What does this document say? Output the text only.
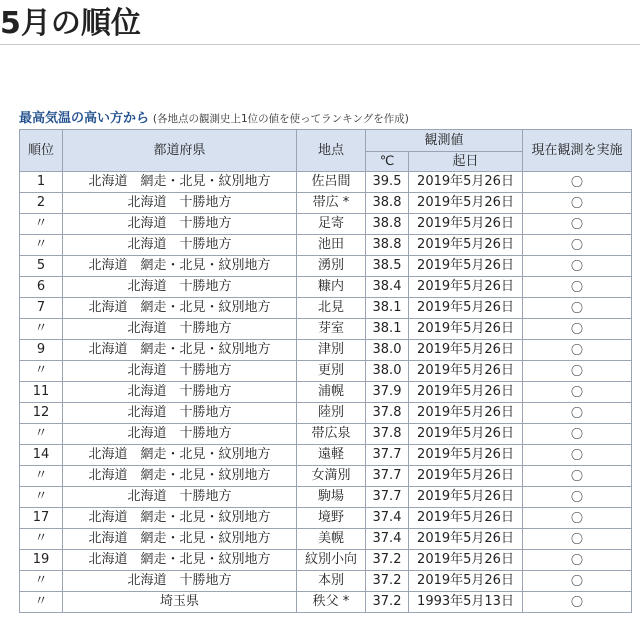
5月の順位
最高気温の高い方から (各地点の観測史上1位の値を使ってランキングを作成)
順位	都道府県	地点	観測値		現在観測を実施
			℃	起日	
1	北海道　網走・北見・紋別地方	佐呂間	39.5	2019年5月26日	〇
2	北海道　十勝地方	帯広 *	38.8	2019年5月26日	〇
〃	北海道　十勝地方	足寄	38.8	2019年5月26日	〇
〃	北海道　十勝地方	池田	38.8	2019年5月26日	〇
5	北海道　網走・北見・紋別地方	湧別	38.5	2019年5月26日	〇
6	北海道　十勝地方	糠内	38.4	2019年5月26日	〇
7	北海道　網走・北見・紋別地方	北見	38.1	2019年5月26日	〇
〃	北海道　十勝地方	芽室	38.1	2019年5月26日	〇
9	北海道　網走・北見・紋別地方	津別	38.0	2019年5月26日	〇
〃	北海道　十勝地方	更別	38.0	2019年5月26日	〇
11	北海道　十勝地方	浦幌	37.9	2019年5月26日	〇
12	北海道　十勝地方	陸別	37.8	2019年5月26日	〇
〃	北海道　十勝地方	帯広泉	37.8	2019年5月26日	〇
14	北海道　網走・北見・紋別地方	遠軽	37.7	2019年5月26日	〇
〃	北海道　網走・北見・紋別地方	女満別	37.7	2019年5月26日	〇
〃	北海道　十勝地方	駒場	37.7	2019年5月26日	〇
17	北海道　網走・北見・紋別地方	境野	37.4	2019年5月26日	〇
〃	北海道　網走・北見・紋別地方	美幌	37.4	2019年5月26日	〇
19	北海道　網走・北見・紋別地方	紋別小向	37.2	2019年5月26日	〇
〃	北海道　十勝地方	本別	37.2	2019年5月26日	〇
〃	埼玉県	秩父 *	37.2	1993年5月13日	〇
